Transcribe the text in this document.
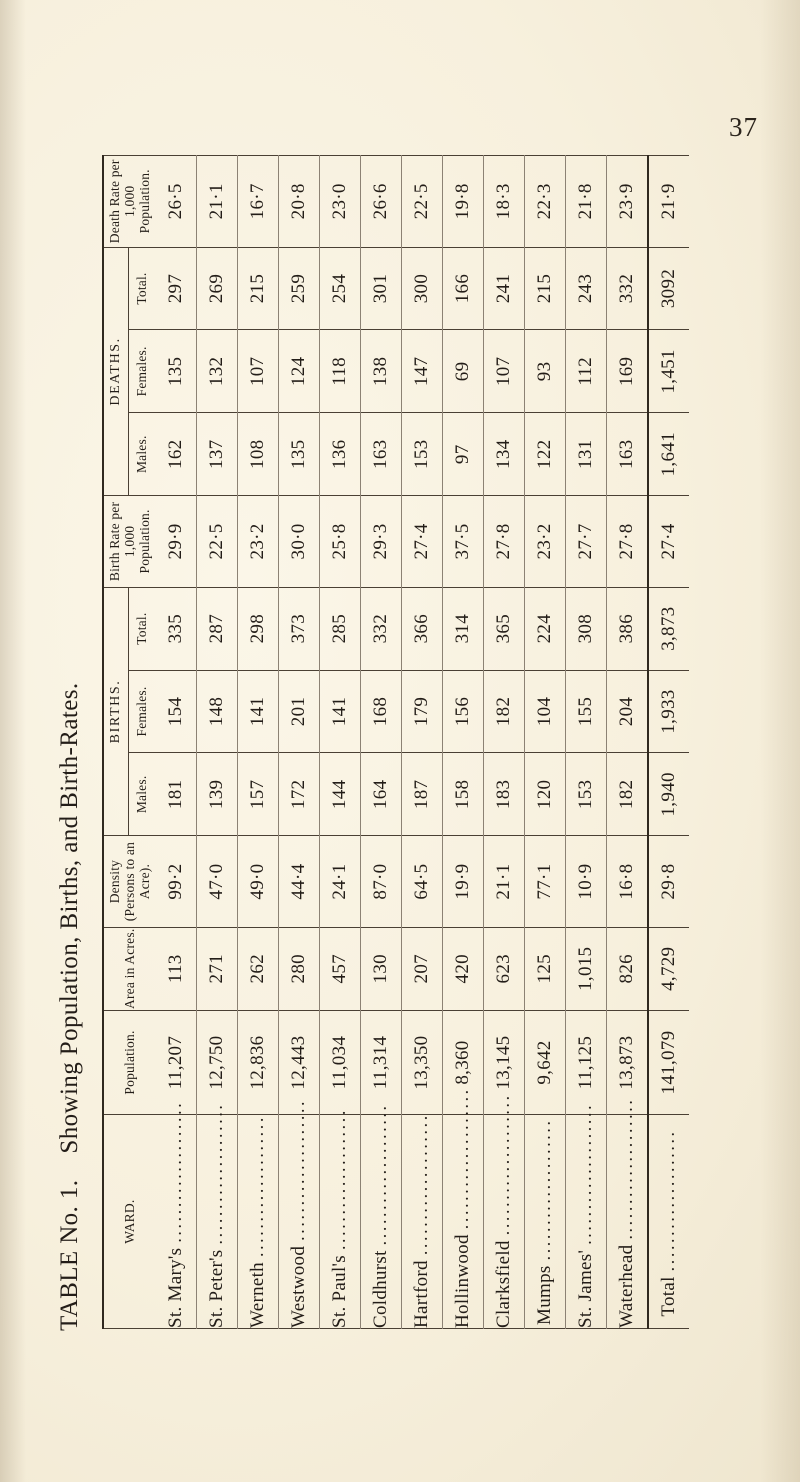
37
TABLE No. 1.Showing Population, Births, and Birth-Rates.
WARD.	Population.	Area in Acres.	Density (Persons to an Acre).	BIRTHS.			Birth Rate per 1,000 Population.	DEATHS.			Death Rate per 1,000 Population.
				Males.	Females.	Total.		Males.	Females.	Total.	
St. Mary's....................	11,207	113	99·2	181	154	335	29·9	162	135	297	26·5
St. Peter's....................	12,750	271	47·0	139	148	287	22·5	137	132	269	21·1
Werneth....................	12,836	262	49·0	157	141	298	23·2	108	107	215	16·7
Westwood....................	12,443	280	44·4	172	201	373	30·0	135	124	259	20·8
St. Paul's....................	11,034	457	24·1	144	141	285	25·8	136	118	254	23·0
Coldhurst....................	11,314	130	87·0	164	168	332	29·3	163	138	301	26·6
Hartford....................	13,350	207	64·5	187	179	366	27·4	153	147	300	22·5
Hollinwood....................	8,360	420	19·9	158	156	314	37·5	97	69	166	19·8
Clarksfield....................	13,145	623	21·1	183	182	365	27·8	134	107	241	18·3
Mumps....................	9,642	125	77·1	120	104	224	23·2	122	93	215	22·3
St. James'....................	11,125	1,015	10·9	153	155	308	27·7	131	112	243	21·8
Waterhead....................	13,873	826	16·8	182	204	386	27·8	163	169	332	23·9
Total....................	141,079	4,729	29·8	1,940	1,933	3,873	27·4	1,641	1,451	3092	21·9
